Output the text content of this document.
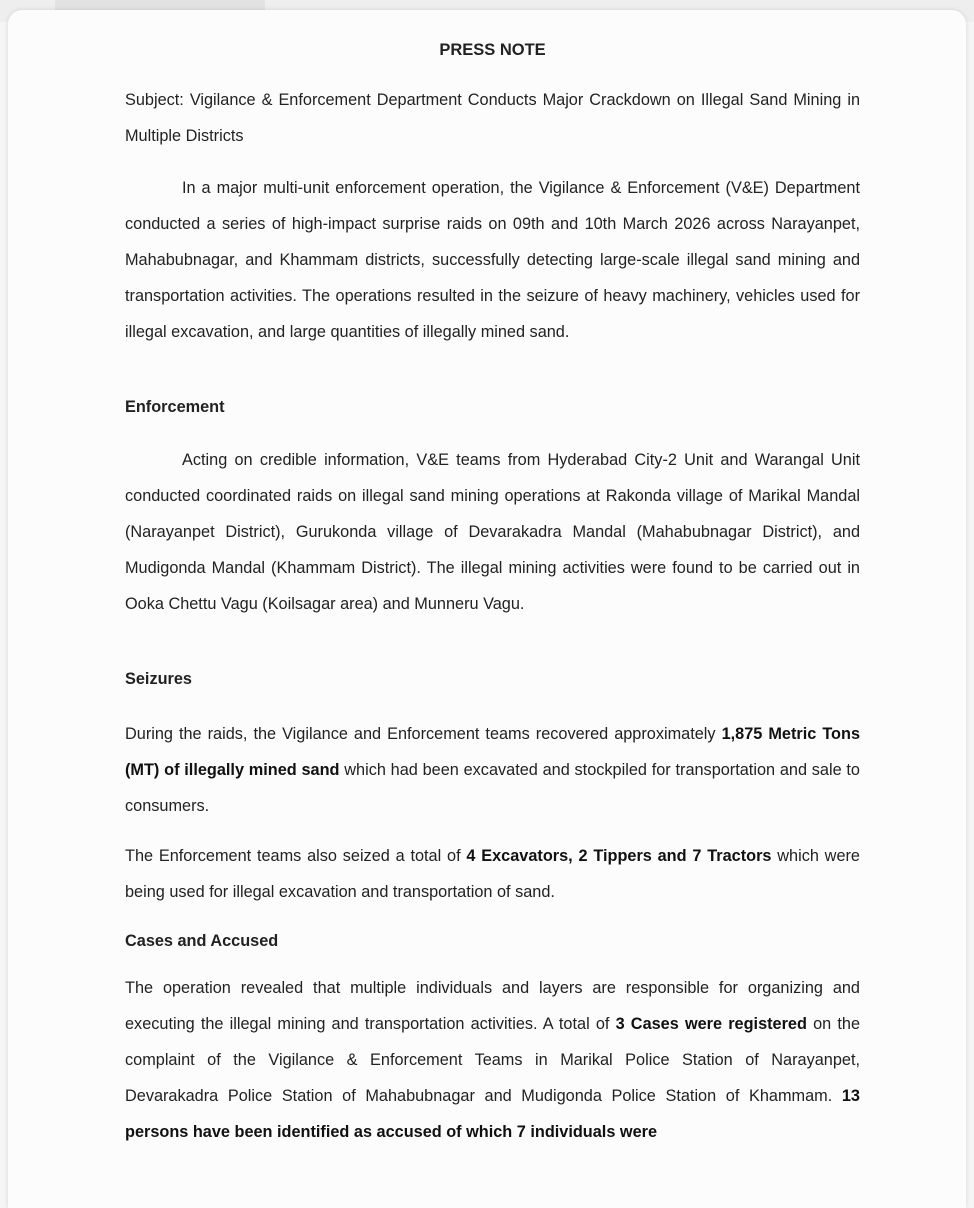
PRESS NOTE

Subject: Vigilance & Enforcement Department Conducts Major Crackdown on Illegal Sand Mining in Multiple Districts

In a major multi-unit enforcement operation, the Vigilance & Enforcement (V&E) Department conducted a series of high-impact surprise raids on 09th and 10th March 2026 across Narayanpet, Mahabubnagar, and Khammam districts, successfully detecting large-scale illegal sand mining and transportation activities. The operations resulted in the seizure of heavy machinery, vehicles used for illegal excavation, and large quantities of illegally mined sand.

Enforcement

Acting on credible information, V&E teams from Hyderabad City-2 Unit and Warangal Unit conducted coordinated raids on illegal sand mining operations at Rakonda village of Marikal Mandal (Narayanpet District), Gurukonda village of Devarakadra Mandal (Mahabubnagar District), and Mudigonda Mandal (Khammam District). The illegal mining activities were found to be carried out in Ooka Chettu Vagu (Koilsagar area) and Munneru Vagu.

Seizures

During the raids, the Vigilance and Enforcement teams recovered approximately 1,875 Metric Tons (MT) of illegally mined sand which had been excavated and stockpiled for transportation and sale to consumers.

The Enforcement teams also seized a total of 4 Excavators, 2 Tippers and 7 Tractors which were being used for illegal excavation and transportation of sand.

Cases and Accused

The operation revealed that multiple individuals and layers are responsible for organizing and executing the illegal mining and transportation activities. A total of 3 Cases were registered on the complaint of the Vigilance & Enforcement Teams in Marikal Police Station of Narayanpet, Devarakadra Police Station of Mahabubnagar and Mudigonda Police Station of Khammam. 13 persons have been identified as accused of which 7 individuals were
